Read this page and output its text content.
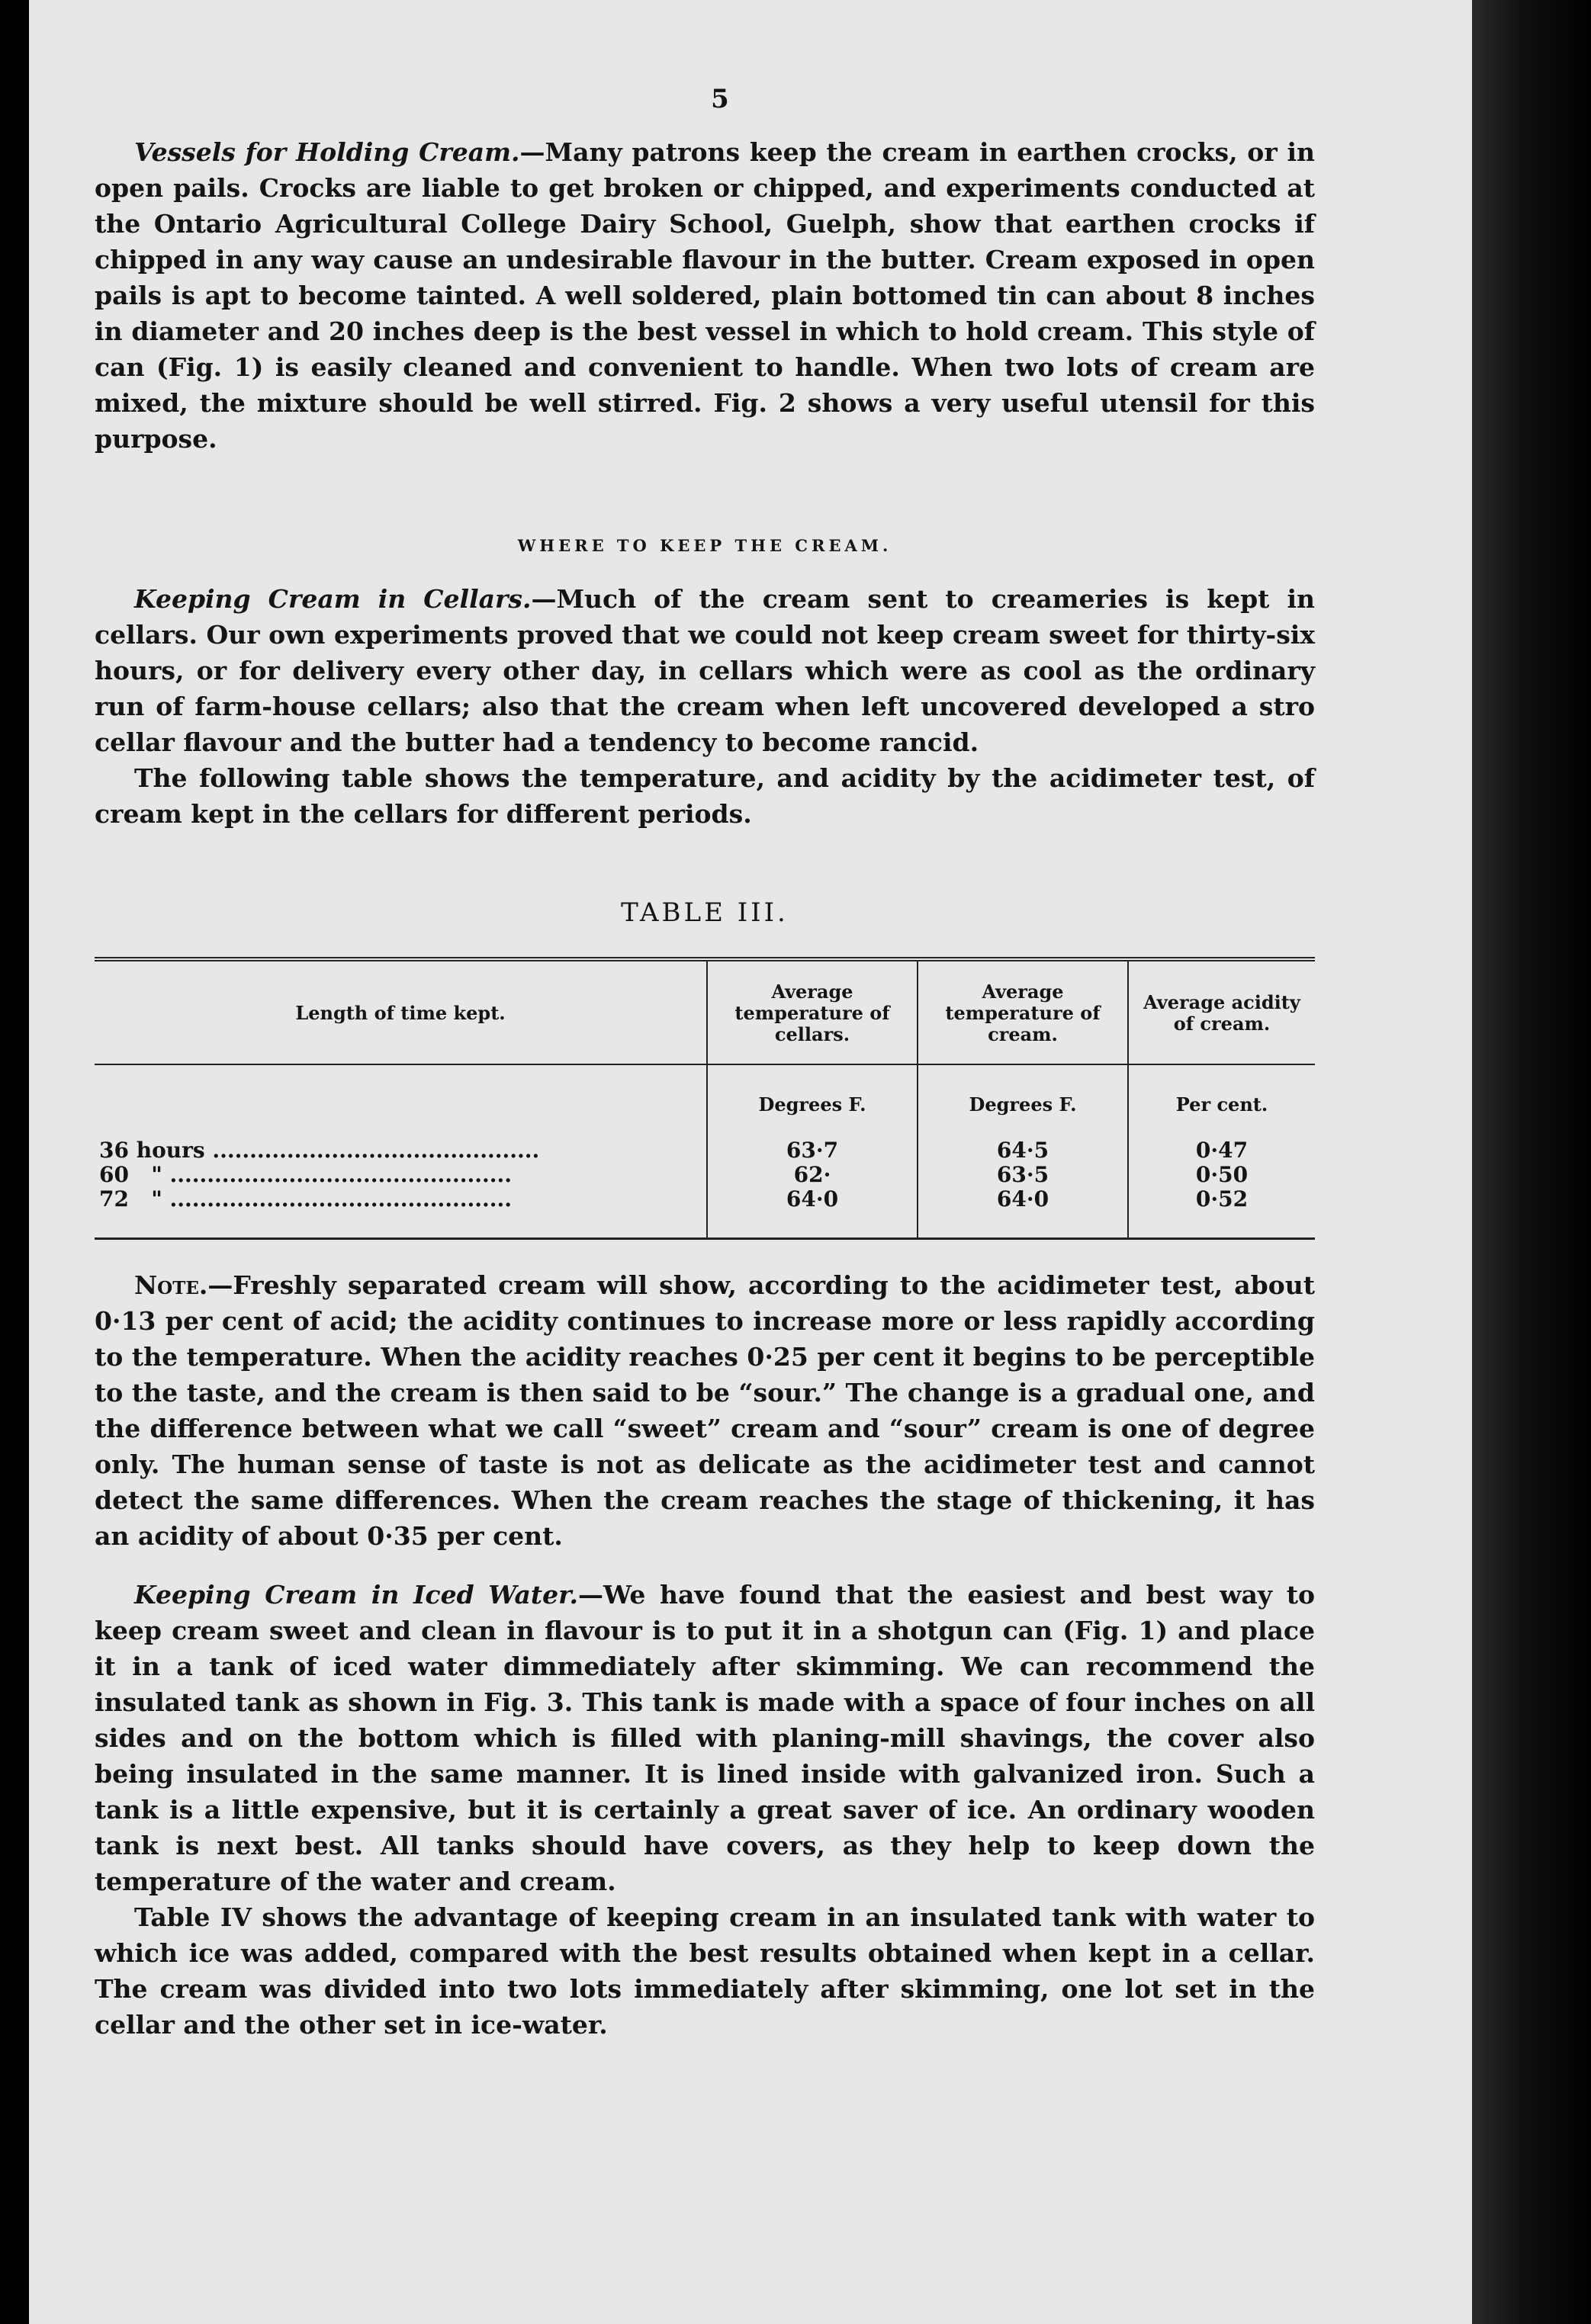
5

Vessels for Holding Cream.—Many patrons keep the cream in earthen crocks, or in open pails. Crocks are liable to get broken or chipped, and experiments conducted at the Ontario Agricultural College Dairy School, Guelph, show that earthen crocks if chipped in any way cause an undesirable flavour in the butter. Cream exposed in open pails is apt to become tainted. A well soldered, plain bottomed tin can about 8 inches in diameter and 20 inches deep is the best vessel in which to hold cream. This style of can (Fig. 1) is easily cleaned and convenient to handle. When two lots of cream are mixed, the mixture should be well stirred. Fig. 2 shows a very useful utensil for this purpose.

WHERE TO KEEP THE CREAM.

Keeping Cream in Cellars.—Much of the cream sent to creameries is kept in cellars. Our own experiments proved that we could not keep cream sweet for thirty-six hours, or for delivery every other day, in cellars which were as cool as the ordinary run of farm-house cellars; also that the cream when left uncovered developed a stro cellar flavour and the butter had a tendency to become rancid.

The following table shows the temperature, and acidity by the acidimeter test, of cream kept in the cellars for different periods.

TABLE III.
Length of time kept.	Average temperature of cellars.	Average temperature of cream.	Average acidity of cream.
	Degrees F.	Degrees F.	Per cent.
36 hours ............................................	63·7	64·5	0·47
60   " ..............................................	62·	63·5	0·50
72   " ..............................................	64·0	64·0	0·52

Note.—Freshly separated cream will show, according to the acidimeter test, about 0·13 per cent of acid; the acidity continues to increase more or less rapidly according to the temperature. When the acidity reaches 0·25 per cent it begins to be perceptible to the taste, and the cream is then said to be “sour.” The change is a gradual one, and the difference between what we call “sweet” cream and “sour” cream is one of degree only. The human sense of taste is not as delicate as the acidimeter test and cannot detect the same differences. When the cream reaches the stage of thickening, it has an acidity of about 0·35 per cent.

Keeping Cream in Iced Water.—We have found that the easiest and best way to keep cream sweet and clean in flavour is to put it in a shotgun can (Fig. 1) and place it in a tank of iced water dimmediately after skimming. We can recommend the insulated tank as shown in Fig. 3. This tank is made with a space of four inches on all sides and on the bottom which is filled with planing-mill shavings, the cover also being insulated in the same manner. It is lined inside with galvanized iron. Such a tank is a little expensive, but it is certainly a great saver of ice. An ordinary wooden tank is next best. All tanks should have covers, as they help to keep down the temperature of the water and cream.

Table IV shows the advantage of keeping cream in an insulated tank with water to which ice was added, compared with the best results obtained when kept in a cellar. The cream was divided into two lots immediately after skimming, one lot set in the cellar and the other set in ice-water.
